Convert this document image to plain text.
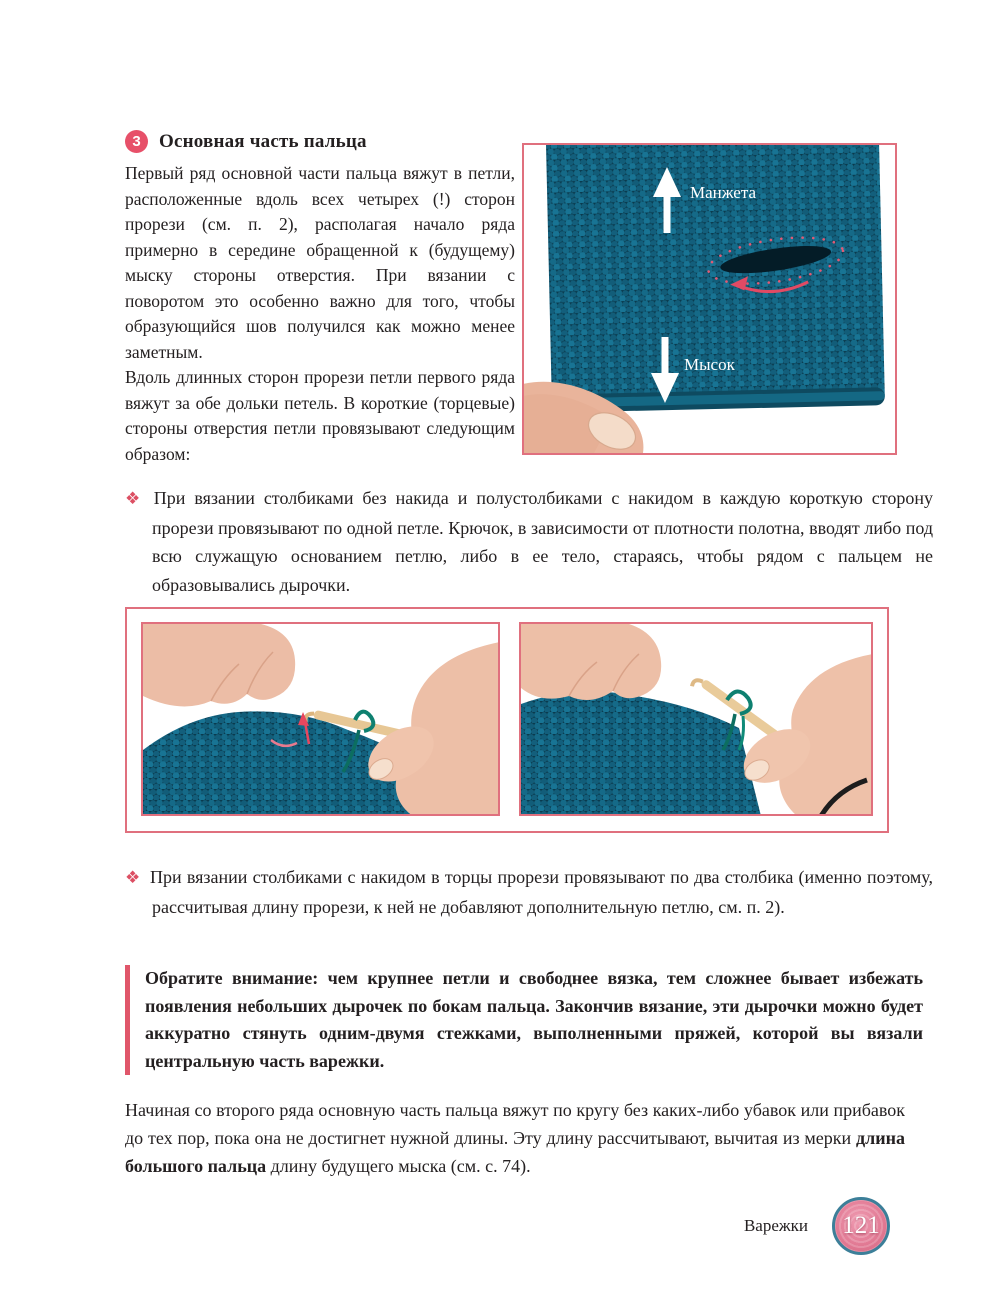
3 Основная часть пальца

Первый ряд основной части пальца вяжут в петли, расположенные вдоль всех четырех (!) сторон прорези (см. п. 2), располагая начало ряда примерно в середине обращенной к (будущему) мыску стороны отверстия. При вязании с поворотом это особенно важно для того, чтобы образующийся шов получился как можно менее заметным.

Вдоль длинных сторон прорези петли первого ряда вяжут за обе дольки петель. В короткие (торцевые) стороны отверстия петли провязывают следующим образом:

Манжета
Мысок
❖ При вязании столбиками без накида и полустолбиками с накидом в каждую короткую сторону прорези провязывают по одной петле. Крючок, в зависимости от плотности полотна, вводят либо под всю служащую основанием петлю, либо в ее тело, стараясь, чтобы рядом с пальцем не образовывались дырочки.
❖ При вязании столбиками с накидом в торцы прорези провязывают по два столбика (именно поэтому, рассчитывая длину прорези, к ней не добавляют дополнительную петлю, см. п. 2).
Обратите внимание: чем крупнее петли и свободнее вязка, тем сложнее бывает избежать появления небольших дырочек по бокам пальца. Закончив вязание, эти дырочки можно будет аккуратно стянуть одним-двумя стежками, выполненными пряжей, которой вы вязали центральную часть варежки.
Начиная со второго ряда основную часть пальца вяжут по кругу без каких-либо убавок или прибавок до тех пор, пока она не достигнет нужной длины. Эту длину рассчитывают, вычитая из мерки длина большого пальца длину будущего мыска (см. с. 74).
Варежки	121
